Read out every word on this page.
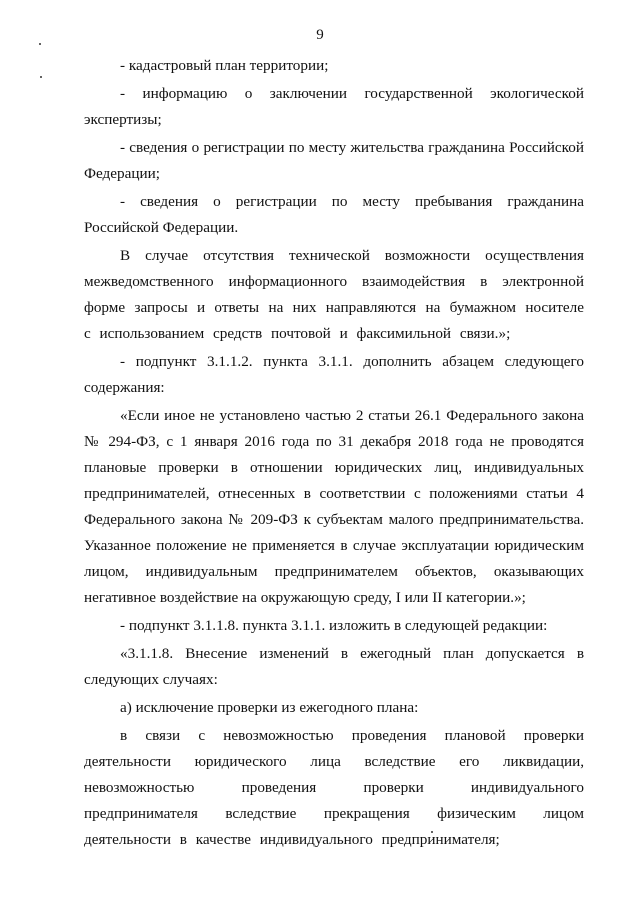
9

- кадастровый план территории;

- информацию о заключении государственной экологической экспертизы;

- сведения о регистрации по месту жительства гражданина Российской Федерации;

- сведения о регистрации по месту пребывания гражданина Российской Федерации.

В случае отсутствия технической возможности осуществления межведомственного информационного взаимодействия в электронной форме запросы и ответы на них направляются на бумажном носителе с использованием средств почтовой и факсимильной связи.»;

- подпункт 3.1.1.2. пункта 3.1.1. дополнить абзацем следующего содержания:

«Если иное не установлено частью 2 статьи 26.1 Федерального закона № 294-ФЗ, с 1 января 2016 года по 31 декабря 2018 года не проводятся плановые проверки в отношении юридических лиц, индивидуальных предпринимателей, отнесенных в соответствии с положениями статьи 4 Федерального закона № 209-ФЗ к субъектам малого предпринимательства. Указанное положение не применяется в случае эксплуатации юридическим лицом, индивидуальным предпринимателем объектов, оказывающих негативное воздействие на окружающую среду, I или II категории.»;

- подпункт 3.1.1.8. пункта 3.1.1. изложить в следующей редакции:

«3.1.1.8. Внесение изменений в ежегодный план допускается в следующих случаях:

а) исключение проверки из ежегодного плана:

в связи с невозможностью проведения плановой проверки деятельности юридического лица вследствие его ликвидации, невозможностью проведения проверки индивидуального предпринимателя вследствие прекращения физическим лицом деятельности в качестве индивидуального предпринимателя;
